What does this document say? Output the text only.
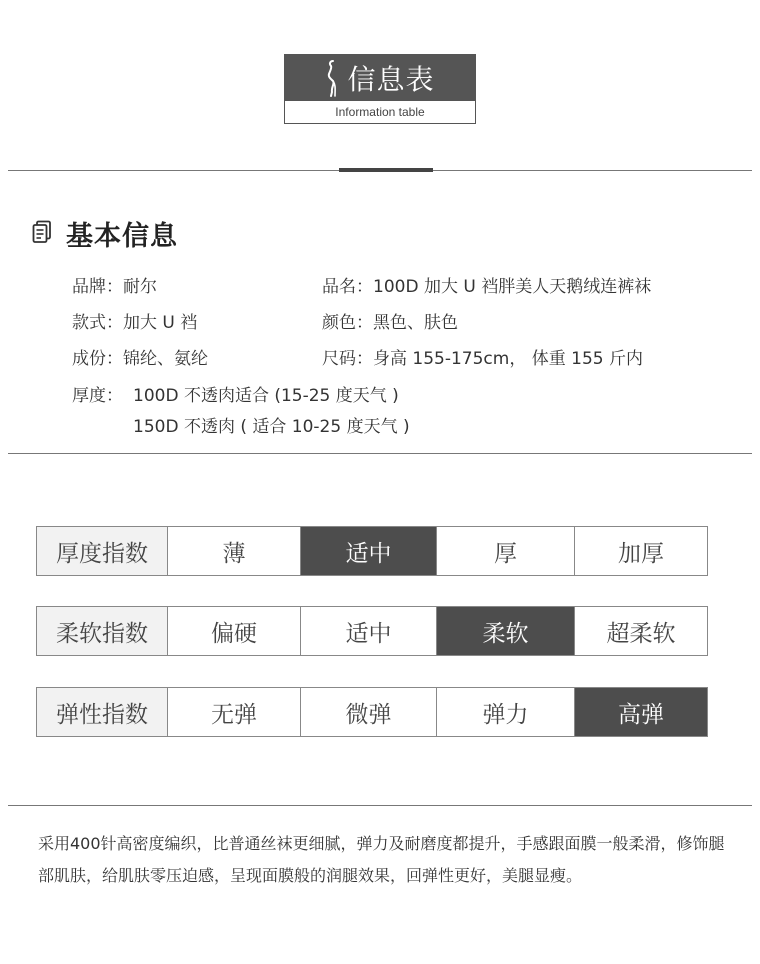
信息表
Information table
基本信息
品牌：耐尔	品名：100D 加大 U 裆胖美人天鹅绒连裤袜
款式：加大 U 裆	颜色：黑色、肤色
成份：锦纶、氨纶	尺码：身高 155-175cm， 体重 155 斤内
厚度： 100D 不透肉适合 (15-25 度天气 )
150D 不透肉 ( 适合 10-25 度天气 )
厚度指数	薄	适中	厚	加厚
柔软指数	偏硬	适中	柔软	超柔软
弹性指数	无弹	微弹	弹力	高弹
采用400针高密度编织，比普通丝袜更细腻，弹力及耐磨度都提升，手感跟面膜一般柔滑，修饰腿部肌肤，给肌肤零压迫感，呈现面膜般的润腿效果，回弹性更好，美腿显瘦。
